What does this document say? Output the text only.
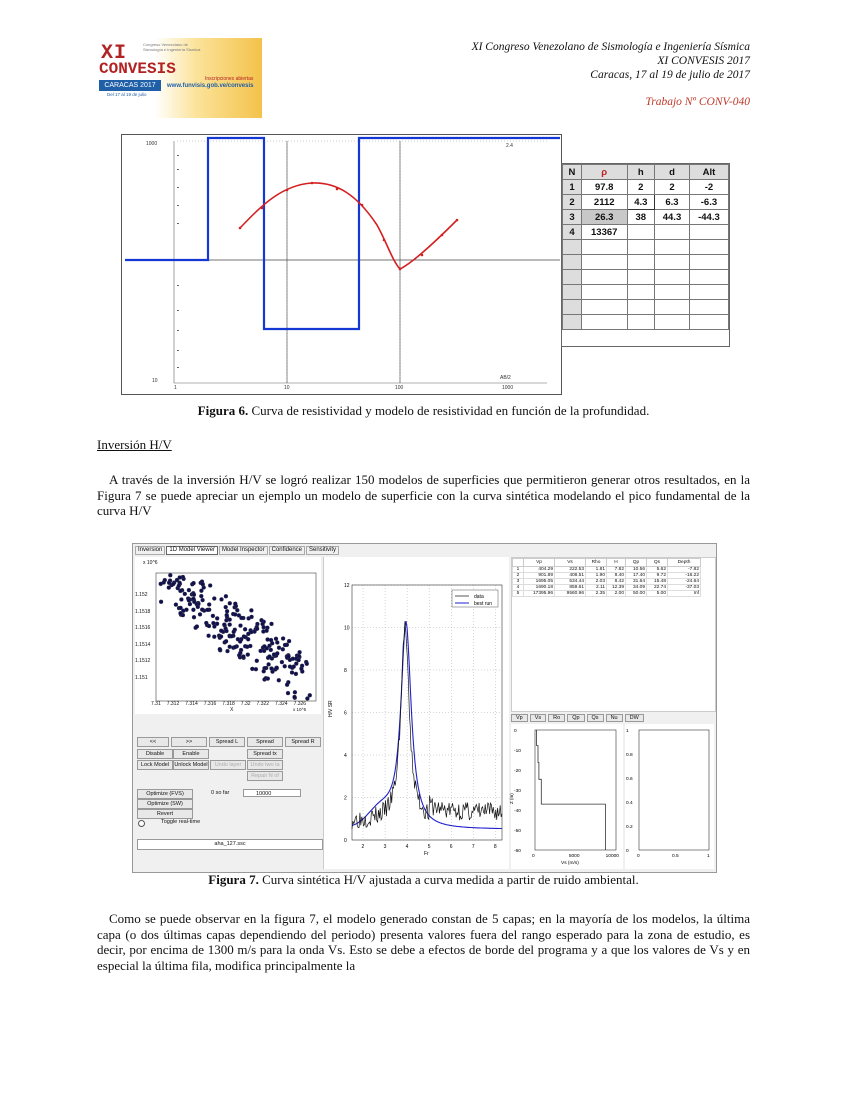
XI Congreso Venezolano de Sismología e Ingeniería Sísmica
XI CONVESIS 2017
Caracas, 17 al 19 de julio de 2017
Trabajo Nº CONV-040
XI
CONVESIS
Congreso Venezolano de Sismología e Ingeniería Sísmica
CARACAS 2017
Del 17 al 19 de julio
Inscripciones abiertas
www.funvisis.gob.ve/convesis
1000
10
1	10	100	1000
AB/2
2.4
N	ρ	h	d	Alt
1	97.8	2	2	-2
2	2112	4.3	6.3	-6.3
3	26.3	38	44.3	-44.3
4	13367			

Figura 6. Curva de resistividad y modelo de resistividad en función de la profundidad.
Inversión H/V
A través de la inversión H/V se logró realizar 150 modelos de superficies que permitieron generar otros resultados, en la Figura 7 se puede apreciar un ejemplo un modelo de superficie con la curva sintética modelando el pico fundamental de la curva H/V
Inversion	1D Model Viewer	Model Inspector	Confidence	Sensitivity
x 10^6
1.152
1.1518
1.1516
1.1514
1.1512
1.151
7.31 7.312 7.314 7.316 7.318 7.32 7.322 7.324 7.326
X	x 10^5
<<	>>	Spread L	Spread	Spread R
Disable	Enable	Spread tx
Lock Model Unlock Model	Undo layer	Undo two la
Repair N of
Optimize (FVS)	0 so far	10000
Optimize (SW)
Revert
Toggle real-time
aha_127.ssc
12
10
8
6
4
2
0
2	3	4	5	6	7	8
H/V SR
Fr
data
best run
	Vp	Vs	Rho	H	Qp	Qs	Depth
1	404.29	222.53	1.81	7.82	10.56	5.62	-7.82
2	901.89	408.51	1.90	8.40	17.40	9.72	-16.22
3	1695.05	534.44	2.03	8.42	31.64	15.48	-24.64
4	1690.18	859.61	2.11	12.39	34.09	22.74	-37.03
5	17395.96	9560.96	2.35	2.00	50.00	5.00	Inf
Vp	Vs	Ro	Qp	Qs	Nu	DW
0
-10
-20
-30
-40
-50
-60
0	5000	10000
Vs (m/s)
Z (m)
1
0.8
0.6
0.4
0.2
0
0	0.5	1
Figura 7. Curva sintética H/V ajustada a curva medida a partir de ruido ambiental.
Como se puede observar en la figura 7, el modelo generado constan de 5 capas; en la mayoría de los modelos, la última capa (o dos últimas capas dependiendo del periodo) presenta valores fuera del rango esperado para la zona de estudio, es decir, por encima de 1300 m/s para la onda Vs. Esto se debe a efectos de borde del programa y a que los valores de Vs y en especial la última fila, modifica principalmente la
